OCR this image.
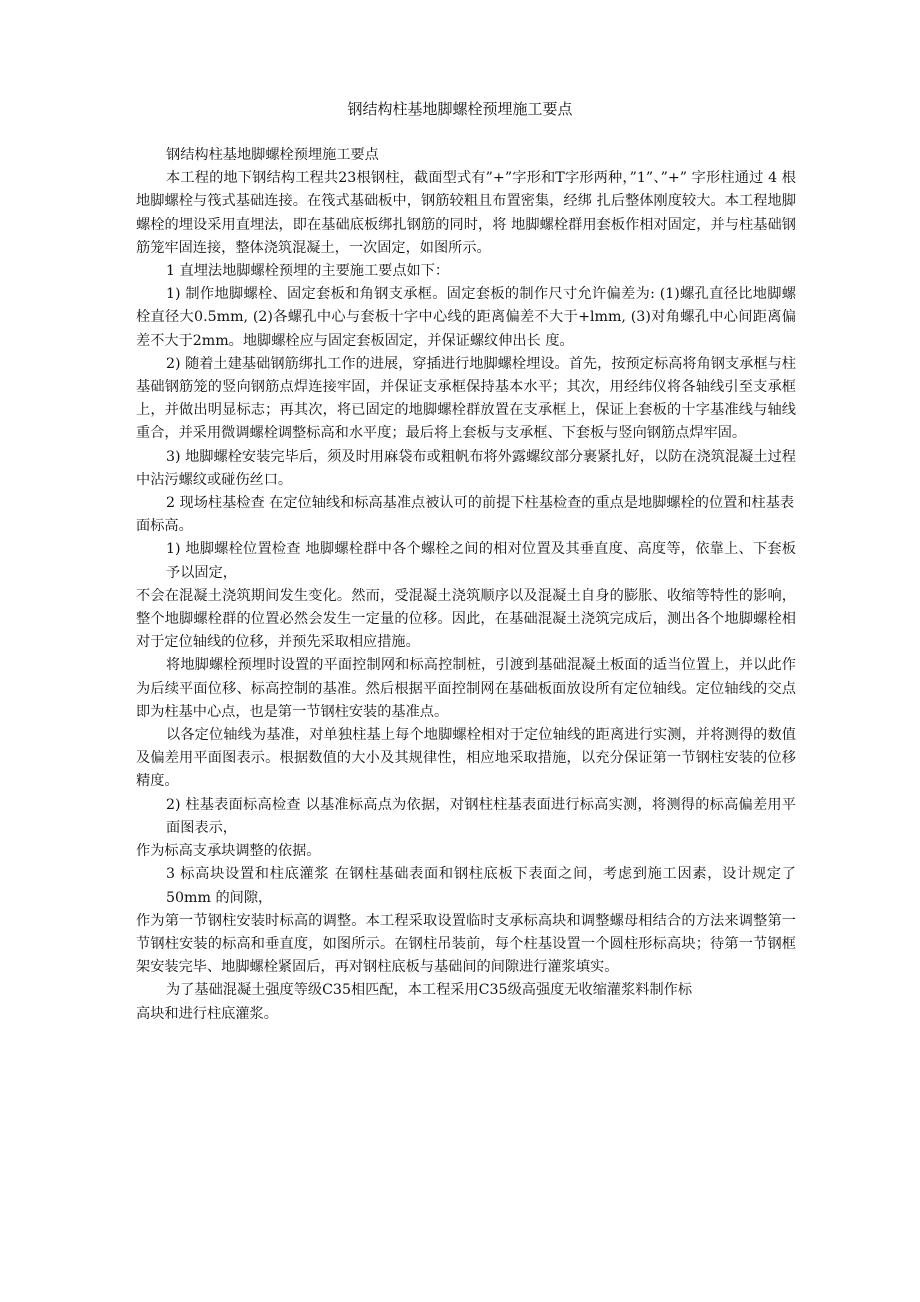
钢结构柱基地脚螺栓预埋施工要点

钢结构柱基地脚螺栓预埋施工要点

本工程的地下钢结构工程共23根钢柱，截面型式有”+”字形和T字形两种，”1”、”+” 字形柱通过 4 根地脚螺栓与筏式基础连接。在筏式基础板中，钢筋较粗且布置密集，经绑 扎后整体刚度较大。本工程地脚螺栓的埋设采用直埋法，即在基础底板绑扎钢筋的同时，将 地脚螺栓群用套板作相对固定，并与柱基础钢筋笼牢固连接，整体浇筑混凝土，一次固定，如图所示。

1 直埋法地脚螺栓预埋的主要施工要点如下：

1) 制作地脚螺栓、固定套板和角钢支承框。固定套板的制作尺寸允许偏差为: (1)螺孔直径比地脚螺栓直径大0.5mm, (2)各螺孔中心与套板十字中心线的距离偏差不大于+lmm, (3)对角螺孔中心间距离偏差不大于2mm。地脚螺栓应与固定套板固定，并保证螺纹伸出长 度。

2) 随着土建基础钢筋绑扎工作的进展，穿插进行地脚螺栓埋设。首先，按预定标高将角钢支承框与柱基础钢筋笼的竖向钢筋点焊连接牢固，并保证支承框保持基本水平；其次，用经纬仪将各轴线引至支承框上，并做出明显标志；再其次，将已固定的地脚螺栓群放置在支承框上，保证上套板的十字基准线与轴线重合，并采用微调螺栓调整标高和水平度；最后将上套板与支承框、下套板与竖向钢筋点焊牢固。

3) 地脚螺栓安装完毕后，须及时用麻袋布或粗帆布将外露螺纹部分裹紧扎好，以防在浇筑混凝土过程中沾污螺纹或碰伤丝口。

2 现场柱基检查 在定位轴线和标高基准点被认可的前提下柱基检查的重点是地脚螺栓的位置和柱基表

面标高。

1) 地脚螺栓位置检查 地脚螺栓群中各个螺栓之间的相对位置及其垂直度、高度等，依靠上、下套板予以固定，

不会在混凝土浇筑期间发生变化。然而，受混凝土浇筑顺序以及混凝土自身的膨胀、收缩等特性的影响，整个地脚螺栓群的位置必然会发生一定量的位移。因此，在基础混凝土浇筑完成后，测出各个地脚螺栓相对于定位轴线的位移，并预先采取相应措施。

将地脚螺栓预埋时设置的平面控制网和标高控制桩，引渡到基础混凝土板面的适当位置上，并以此作为后续平面位移、标高控制的基准。然后根据平面控制网在基础板面放设所有定位轴线。定位轴线的交点即为柱基中心点，也是第一节钢柱安装的基准点。

以各定位轴线为基准，对单独柱基上每个地脚螺栓相对于定位轴线的距离进行实测，并将测得的数值及偏差用平面图表示。根据数值的大小及其规律性，相应地采取措施，以充分保证第一节钢柱安装的位移精度。

2) 柱基表面标高检查 以基准标高点为依据，对钢柱柱基表面进行标高实测，将测得的标高偏差用平面图表示，

作为标高支承块调整的依据。

3 标高块设置和柱底灌浆 在钢柱基础表面和钢柱底板下表面之间，考虑到施工因素，设计规定了 50mm 的间隙，

作为第一节钢柱安装时标高的调整。本工程采取设置临时支承标高块和调整螺母相结合的方法来调整第一节钢柱安装的标高和垂直度，如图所示。在钢柱吊装前，每个柱基设置一个圆柱形标高块；待第一节钢框架安装完毕、地脚螺栓紧固后，再对钢柱底板与基础间的间隙进行灌浆填实。

为了基础混凝土强度等级C35相匹配，本工程采用C35级高强度无收缩灌浆料制作标

高块和进行柱底灌浆。
